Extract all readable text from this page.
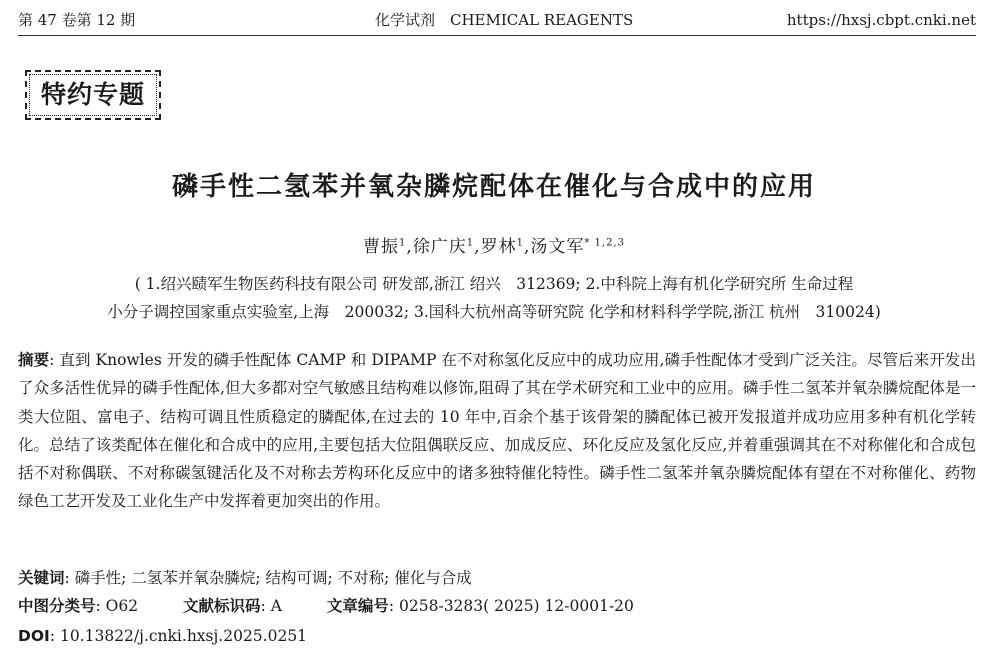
第 47 卷第 12 期	化学试剂　CHEMICAL REAGENTS	https://hxsj.cbpt.cnki.net
特约专题
磷手性二氢苯并氧杂膦烷配体在催化与合成中的应用
曹振$^1$,徐广庆$^1$,罗林$^1$,汤文军$^{* 1,2,3}$
( 1.绍兴赜军生物医药科技有限公司 研发部,浙江 绍兴　312369; 2.中科院上海有机化学研究所 生命过程
小分子调控国家重点实验室,上海　200032; 3.国科大杭州高等研究院 化学和材料科学学院,浙江 杭州　310024)
摘要: 直到 Knowles 开发的磷手性配体 CAMP 和 DIPAMP 在不对称氢化反应中的成功应用,磷手性配体才受到广泛关注。尽管后来开发出了众多活性优异的磷手性配体,但大多都对空气敏感且结构难以修饰,阻碍了其在学术研究和工业中的应用。磷手性二氢苯并氧杂膦烷配体是一类大位阻、富电子、结构可调且性质稳定的膦配体,在过去的 10 年中,百余个基于该骨架的膦配体已被开发报道并成功应用多种有机化学转化。总结了该类配体在催化和合成中的应用,主要包括大位阻偶联反应、加成反应、环化反应及氢化反应,并着重强调其在不对称催化和合成包括不对称偶联、不对称碳氢键活化及不对称去芳构环化反应中的诸多独特催化特性。磷手性二氢苯并氧杂膦烷配体有望在不对称催化、药物绿色工艺开发及工业化生产中发挥着更加突出的作用。
关键词: 磷手性; 二氢苯并氧杂膦烷; 结构可调; 不对称; 催化与合成
中图分类号: O62	文献标识码: A	文章编号: 0258-3283( 2025) 12-0001-20
DOI: 10.13822/j.cnki.hxsj.2025.0251
